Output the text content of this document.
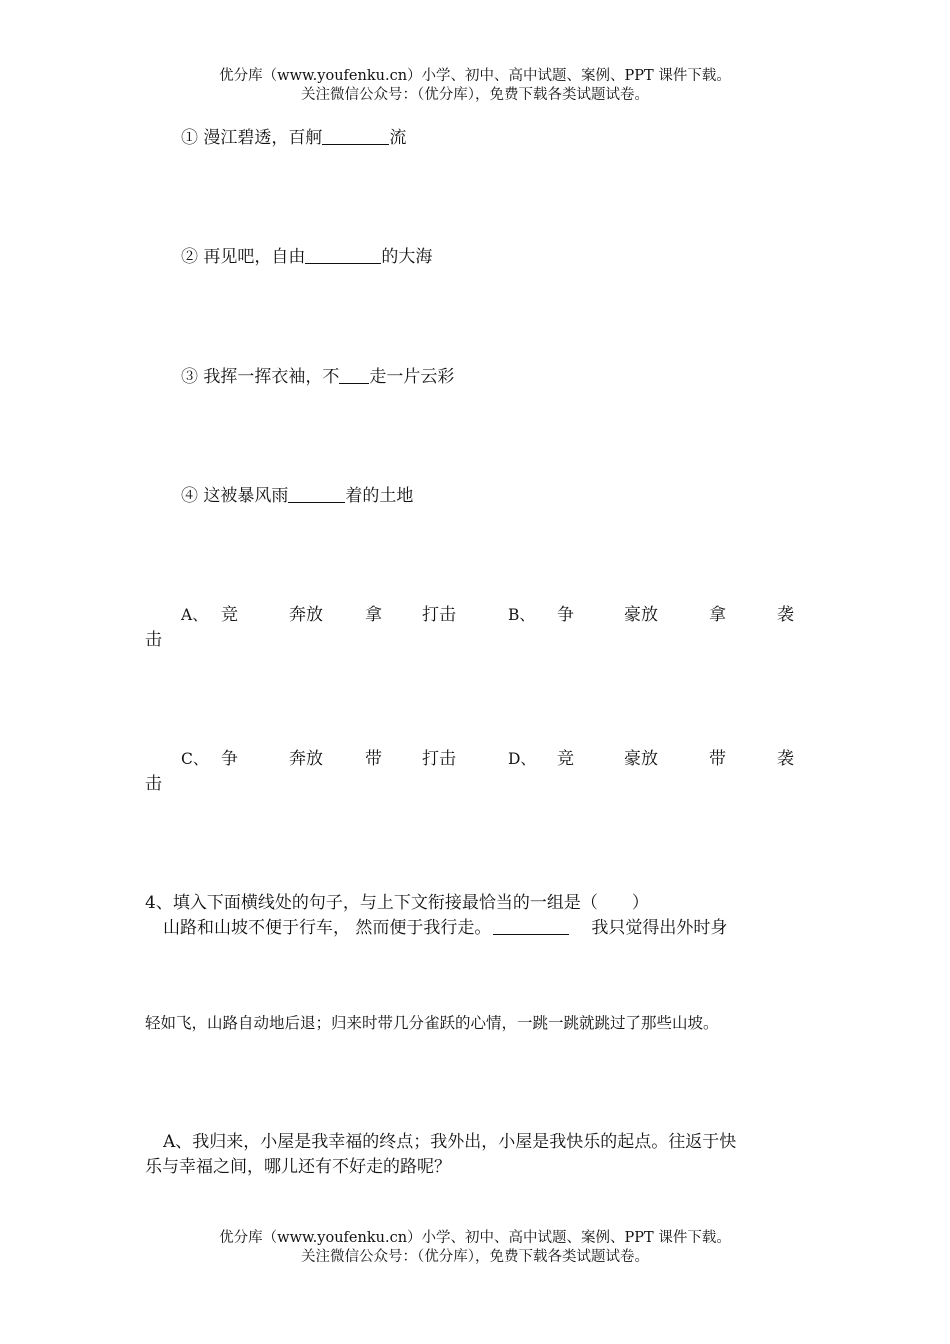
优分库（www.youfenku.cn）小学、初中、高中试题、案例、PPT 课件下载。
关注微信公众号：（优分库），免费下载各类试题试卷。
① 漫江碧透，百舸	流
② 再见吧，自由	的大海
③ 我挥一挥衣袖，不 走一片云彩
④ 这被暴风雨	着的土地
A、 竞	奔放 拿 打击	B、 争	豪放	拿	袭
击
C、 争	奔放 带 打击	D、 竞	豪放	带	袭
击
4、填入下面横线处的句子，与上下文衔接最恰当的一组是（　　）
山路和山坡不便于行车， 然而便于我行走。	我只觉得出外时身
轻如飞，山路自动地后退；归来时带几分雀跃的心情，一跳一跳就跳过了那些山坡。
A、我归来，小屋是我幸福的终点；我外出，小屋是我快乐的起点。往返于快
乐与幸福之间，哪儿还有不好走的路呢？
优分库（www.youfenku.cn）小学、初中、高中试题、案例、PPT 课件下载。
关注微信公众号：（优分库），免费下载各类试题试卷。
